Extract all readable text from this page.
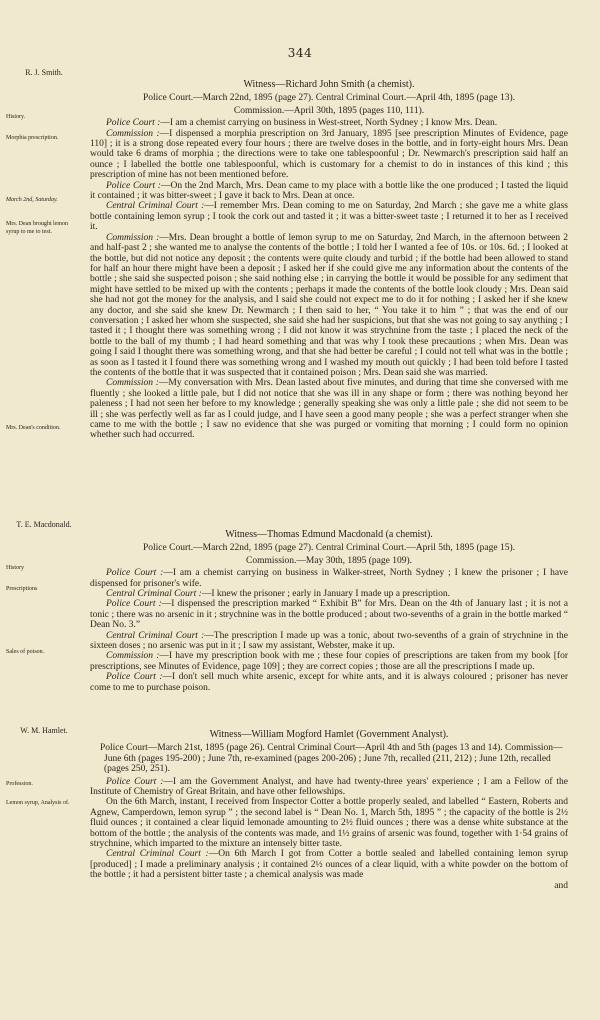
344
R. J. Smith.
History.
Morphia prescription.
March 2nd, Saturday.
Mrs. Dean brought lemon syrup to me to test.
Mrs. Dean's condition.
Witness—Richard John Smith (a chemist).
Police Court.—March 22nd, 1895 (page 27). Central Criminal Court.—April 4th, 1895 (page 13).
Commission.—April 30th, 1895 (pages 110, 111).

Police Court :—I am a chemist carrying on business in West-street, North Sydney ; I know Mrs. Dean.

Commission :—I dispensed a morphia prescription on 3rd January, 1895 [see prescription Minutes of Evidence, page 110] ; it is a strong dose repeated every four hours ; there are twelve doses in the bottle, and in forty-eight hours Mrs. Dean would take 6 drams of morphia ; the directions were to take one tablespoonful ; Dr. Newmarch's prescription said half an ounce ; I labelled the bottle one tablespoonful, which is customary for a chemist to do in instances of this kind ; this prescription of mine has not been mentioned before.

Police Court :—On the 2nd March, Mrs. Dean came to my place with a bottle like the one produced ; I tasted the liquid it contained ; it was bitter-sweet ; I gave it back to Mrs. Dean at once.

Central Criminal Court :—I remember Mrs. Dean coming to me on Saturday, 2nd March ; she gave me a white glass bottle containing lemon syrup ; I took the cork out and tasted it ; it was a bitter-sweet taste ; I returned it to her as I received it.

Commission :—Mrs. Dean brought a bottle of lemon syrup to me on Saturday, 2nd March, in the afternoon between 2 and half-past 2 ; she wanted me to analyse the contents of the bottle ; I told her I wanted a fee of 10s. or 10s. 6d. ; I looked at the bottle, but did not notice any deposit ; the contents were quite cloudy and turbid ; if the bottle had been allowed to stand for half an hour there might have been a deposit ; I asked her if she could give me any information about the contents of the bottle ; she said she suspected poison ; she said nothing else ; in carrying the bottle it would be possible for any sediment that might have settled to be mixed up with the contents ; perhaps it made the contents of the bottle look cloudy ; Mrs. Dean said she had not got the money for the analysis, and I said she could not expect me to do it for nothing ; I asked her if she knew any doctor, and she said she knew Dr. Newmarch ; I then said to her, “ You take it to him ” ; that was the end of our conversation ; I asked her whom she suspected, she said she had her suspicions, but that she was not going to say anything ; I tasted it ; I thought there was something wrong ; I did not know it was strychnine from the taste ; I placed the neck of the bottle to the ball of my thumb ; I had heard something and that was why I took these precautions ; when Mrs. Dean was going I said I thought there was something wrong, and that she had better be careful ; I could not tell what was in the bottle ; as soon as I tasted it I found there was something wrong and I washed my mouth out quickly ; I had been told before I tasted the contents of the bottle that it was suspected that it contained poison ; Mrs. Dean said she was married.

Commission :—My conversation with Mrs. Dean lasted about five minutes, and during that time she conversed with me fluently ; she looked a little pale, but I did not notice that she was ill in any shape or form ; there was nothing beyond her paleness ; I had not seen her before to my knowledge ; generally speaking she was only a little pale ; she did not seem to be ill ; she was perfectly well as far as I could judge, and I have seen a good many people ; she was a perfect stranger when she came to me with the bottle ; I saw no evidence that she was purged or vomiting that morning ; I could form no opinion whether such had occurred.

T. E. Macdonald.
History
Prescriptions
Sales of poison.
Witness—Thomas Edmund Macdonald (a chemist).
Police Court.—March 22nd, 1895 (page 27). Central Criminal Court.—April 5th, 1895 (page 15).
Commission.—May 30th, 1895 (page 109).

Police Court :—I am a chemist carrying on business in Walker-street, North Sydney ; I knew the prisoner ; I have dispensed for prisoner's wife.

Central Criminal Court :—I knew the prisoner ; early in January I made up a prescription.

Police Court :—I dispensed the prescription marked “ Exhibit B” for Mrs. Dean on the 4th of January last ; it is not a tonic ; there was no arsenic in it ; strychnine was in the bottle produced ; about two-sevenths of a grain in the bottle marked “ Dean No. 3.”

Central Criminal Court :—The prescription I made up was a tonic, about two-sevenths of a grain of strychnine in the sixteen doses ; no arsenic was put in it ; I saw my assistant, Webster, make it up.

Commission :—I have my prescription book with me ; these four copies of prescriptions are taken from my book [for prescriptions, see Minutes of Evidence, page 109] ; they are correct copies ; those are all the prescriptions I made up.

Police Court :—I don't sell much white arsenic, except for white ants, and it is always coloured ; prisoner has never come to me to purchase poison.

W. M. Hamlet.
Profession.
Lemon syrup, Analysis of.
Witness—William Mogford Hamlet (Government Analyst).
Police Court—March 21st, 1895 (page 26). Central Criminal Court—April 4th and 5th (pages 13 and 14). Commission—June 6th (pages 195-200) ; June 7th, re-examined (pages 200-206) ; June 7th, recalled (211, 212) ; June 12th, recalled (pages 250, 251).

Police Court :—I am the Government Analyst, and have had twenty-three years' experience ; I am a Fellow of the Institute of Chemistry of Great Britain, and have other fellowships.

On the 6th March, instant, I received from Inspector Cotter a bottle properly sealed, and labelled “ Eastern, Roberts and Agnew, Camperdown, lemon syrup ” ; the second label is “ Dean No. 1, March 5th, 1895 ” ; the capacity of the bottle is 2½ fluid ounces ; it contained a clear liquid lemonade amounting to 2½ fluid ounces ; there was a dense white substance at the bottom of the bottle ; the analysis of the contents was made, and 1½ grains of arsenic was found, together with 1·54 grains of strychnine, which imparted to the mixture an intensely bitter taste.

Central Criminal Court :—On 6th March I got from Cotter a bottle sealed and labelled containing lemon syrup [produced] ; I made a preliminary analysis ; it contained 2½ ounces of a clear liquid, with a white powder on the bottom of the bottle ; it had a persistent bitter taste ; a chemical analysis was made

and
